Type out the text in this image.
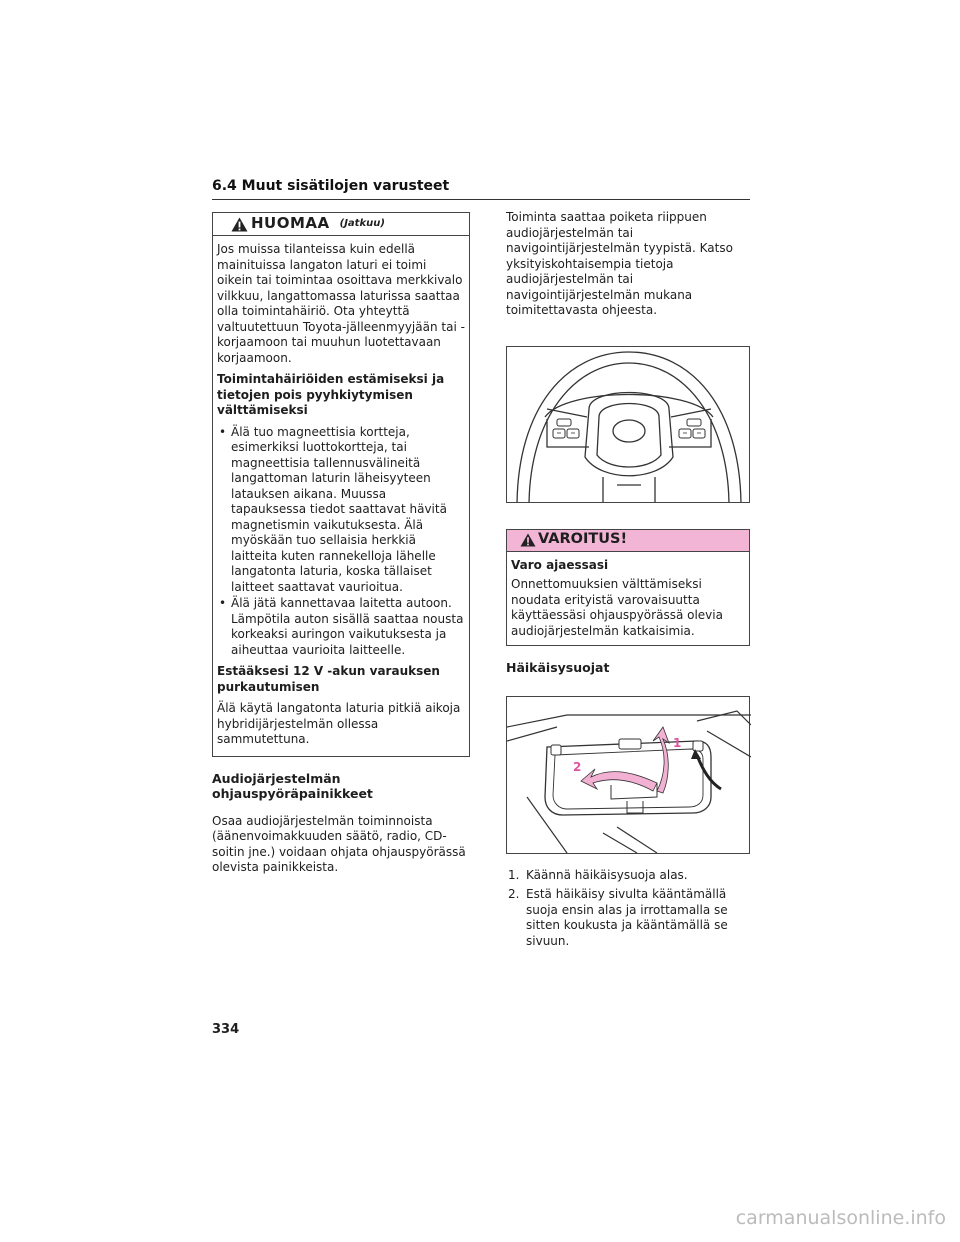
6.4 Muut sisätilojen varusteet
HUOMAA (Jatkuu)

Jos muissa tilanteissa kuin edellä mainituissa langaton laturi ei toimi oikein tai toimintaa osoittava merkkivalo vilkkuu, langattomassa laturissa saattaa olla toimintahäiriö. Ota yhteyttä valtuutettuun Toyota-jälleenmyyjään tai -korjaamoon tai muuhun luotettavaan korjaamoon.

Toimintahäiriöiden estämiseksi ja tietojen pois pyyhkiytymisen välttämiseksi

• Älä tuo magneettisia kortteja, esimerkiksi luottokortteja, tai magneettisia tallennusvälineitä langattoman laturin läheisyyteen latauksen aikana. Muussa tapauksessa tiedot saattavat hävitä magnetismin vaikutuksesta. Älä myöskään tuo sellaisia herkkiä laitteita kuten rannekelloja lähelle langatonta laturia, koska tällaiset laitteet saattavat vaurioitua.
• Älä jätä kannettavaa laitetta autoon. Lämpötila auton sisällä saattaa nousta korkeaksi auringon vaikutuksesta ja aiheuttaa vaurioita laitteelle.

Estääksesi 12 V -akun varauksen purkautumisen

Älä käytä langatonta laturia pitkiä aikoja hybridijärjestelmän ollessa sammutettuna.

Audiojärjestelmän ohjauspyöräpainikkeet

Osaa audiojärjestelmän toiminnoista (äänenvoimakkuuden säätö, radio, CD-soitin jne.) voidaan ohjata ohjauspyörässä olevista painikkeista.

Toiminta saattaa poiketa riippuen audiojärjestelmän tai navigointijärjestelmän tyypistä. Katso yksityiskohtaisempia tietoja audiojärjestelmän tai navigointijärjestelmän mukana toimitettavasta ohjeesta.

VAROITUS!

Varo ajaessasi

Onnettomuuksien välttämiseksi noudata erityistä varovaisuutta käyttäessäsi ohjauspyörässä olevia audiojärjestelmän katkaisimia.

Häikäisysuojat
1
2
1. Käännä häikäisysuoja alas.
2. Estä häikäisy sivulta kääntämällä suoja ensin alas ja irrottamalla se sitten koukusta ja kääntämällä se sivuun.
334
carmanualsonline.info
